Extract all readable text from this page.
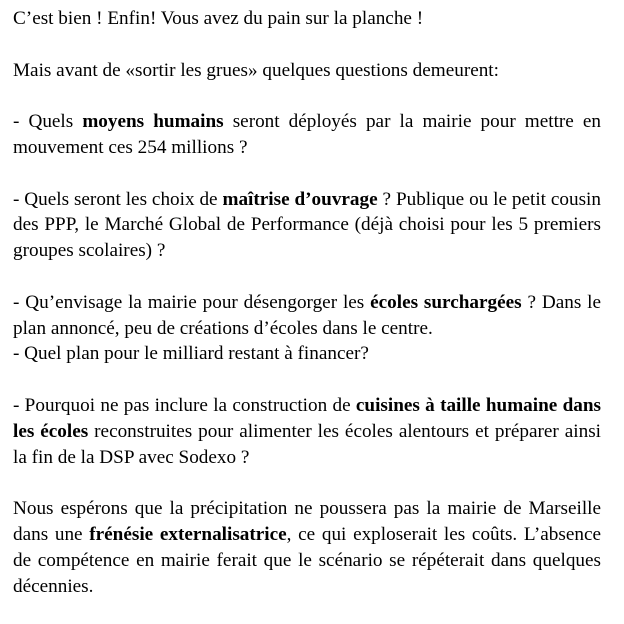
C’est bien ! Enfin! Vous avez du pain sur la planche !

Mais avant de «sortir les grues» quelques questions demeurent:

- Quels moyens humains seront déployés par la mairie pour mettre en mouvement ces 254 millions ?

- Quels seront les choix de maîtrise d’ouvrage ? Publique ou le petit cousin des PPP, le Marché Global de Performance (déjà choisi pour les 5 premiers groupes scolaires) ?

- Qu’envisage la mairie pour désengorger les écoles surchargées ? Dans le plan annoncé, peu de créations d’écoles dans le centre.

- Quel plan pour le milliard restant à financer?

- Pourquoi ne pas inclure la construction de cuisines à taille humaine dans les écoles reconstruites pour alimenter les écoles alentours et préparer ainsi la fin de la DSP avec Sodexo ?

Nous espérons que la précipitation ne poussera pas la mairie de Marseille dans une frénésie externalisatrice, ce qui exploserait les coûts. L’absence de compétence en mairie ferait que le scénario se répéterait dans quelques décennies.
